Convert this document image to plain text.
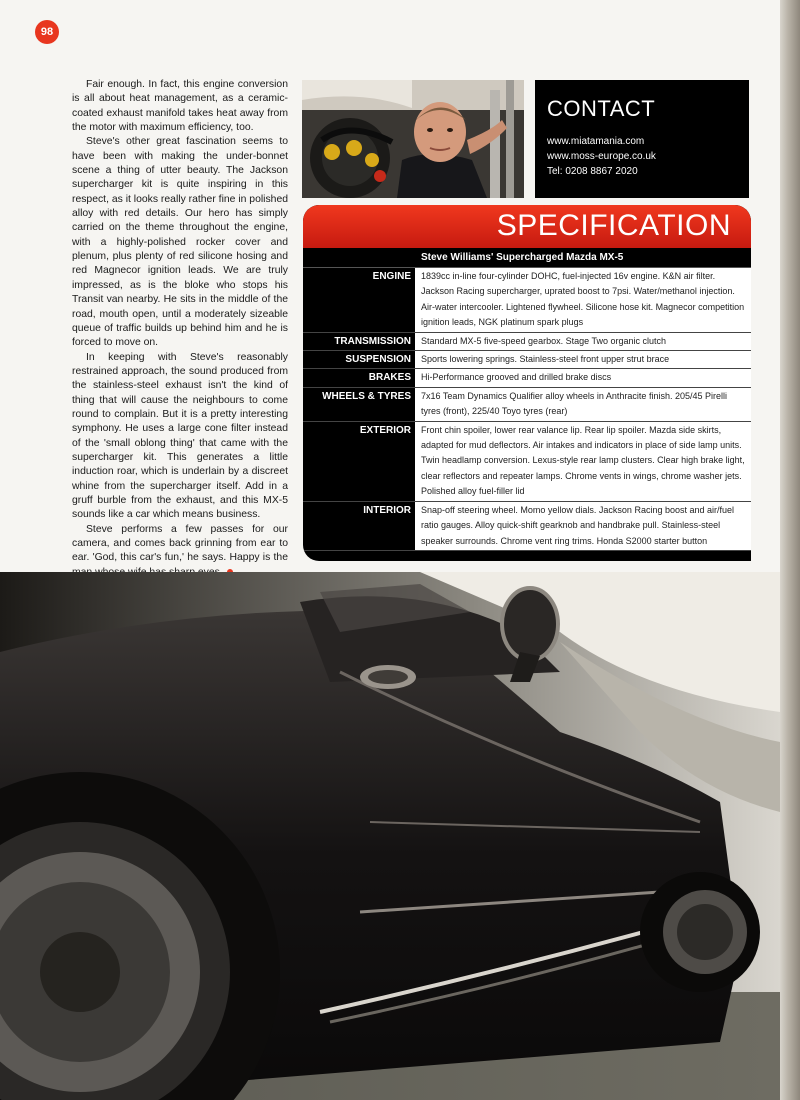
98

Fair enough. In fact, this engine conversion is all about heat management, as a ceramic-coated exhaust manifold takes heat away from the motor with maximum efficiency, too.

Steve's other great fascination seems to have been with making the under-bonnet scene a thing of utter beauty. The Jackson supercharger kit is quite inspiring in this respect, as it looks really rather fine in polished alloy with red details. Our hero has simply carried on the theme throughout the engine, with a highly-polished rocker cover and plenum, plus plenty of red silicone hosing and red Magnecor ignition leads. We are truly impressed, as is the bloke who stops his Transit van nearby. He sits in the middle of the road, mouth open, until a moderately sizeable queue of traffic builds up behind him and he is forced to move on.

In keeping with Steve's reasonably restrained approach, the sound produced from the stainless-steel exhaust isn't the kind of thing that will cause the neighbours to come round to complain. But it is a pretty interesting symphony. He uses a large cone filter instead of the 'small oblong thing' that came with the supercharger kit. This generates a little induction roar, which is underlain by a discreet whine from the supercharger itself. Add in a gruff burble from the exhaust, and this MX-5 sounds like a car which means business.

Steve performs a few passes for our camera, and comes back grinning from ear to ear. 'God, this car's fun,' he says. Happy is the

CONTACT
www.miatamania.com
www.moss-europe.co.uk
Tel: 0208 8867 2020
SPECIFICATION
Steve Williams' Supercharged Mazda MX-5
ENGINE	1839cc in-line four-cylinder DOHC, fuel-injected 16v engine. K&N air filter. Jackson Racing supercharger, uprated boost to 7psi. Water/methanol injection. Air-water intercooler. Lightened flywheel. Silicone hose kit. Magnecor competition ignition leads, NGK platinum spark plugs
TRANSMISSION	Standard MX-5 five-speed gearbox. Stage Two organic clutch
SUSPENSION	Sports lowering springs. Stainless-steel front upper strut brace
BRAKES	Hi-Performance grooved and drilled brake discs
WHEELS & TYRES	7x16 Team Dynamics Qualifier alloy wheels in Anthracite finish. 205/45 Pirelli tyres (front), 225/40 Toyo tyres (rear)
EXTERIOR	Front chin spoiler, lower rear valance lip. Rear lip spoiler. Mazda side skirts, adapted for mud deflectors. Air intakes and indicators in place of side lamp units. Twin headlamp conversion. Lexus-style rear lamp clusters. Clear high brake light, clear reflectors and repeater lamps. Chrome vents in wings, chrome washer jets. Polished alloy fuel-filler lid
INTERIOR	Snap-off steering wheel. Momo yellow dials. Jackson Racing boost and air/fuel ratio gauges. Alloy quick-shift gearknob and handbrake pull. Stainless-steel speaker surrounds. Chrome vent ring trims. Honda S2000 starter button
